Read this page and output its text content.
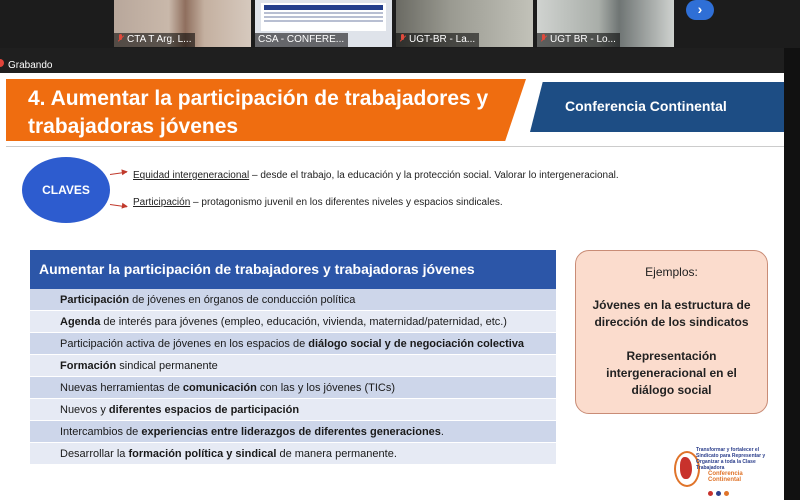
CTA T Arg. L...	CSA - CONFERE...	UGT-BR - La...	UGT BR - Lo...
›
Grabando
4. Aumentar la participación de trabajadores y trabajadoras jóvenes
Conferencia Continental
CLAVES
Equidad intergeneracional – desde el trabajo, la educación y la protección social. Valorar lo intergeneracional.
Participación – protagonismo juvenil en los diferentes niveles y espacios sindicales.
Aumentar la participación de trabajadores y trabajadoras jóvenes
Participación de jóvenes en órganos de conducción política
Agenda de interés para jóvenes (empleo, educación, vivienda, maternidad/paternidad, etc.)
Participación activa de jóvenes en los espacios de diálogo social y de negociación colectiva
Formación sindical permanente
Nuevas herramientas de comunicación con las y los jóvenes (TICs)
Nuevos y diferentes espacios de participación
Intercambios de experiencias entre liderazgos de diferentes generaciones.
Desarrollar la formación política y sindical de manera permanente.
Ejemplos:
Jóvenes en la estructura de dirección de los sindicatos
Representación intergeneracional en el diálogo social
Transformar y fortalecer el
Sindicato para Representar y
Organizar a toda la Clase
Trabajadora
Conferencia Continental
